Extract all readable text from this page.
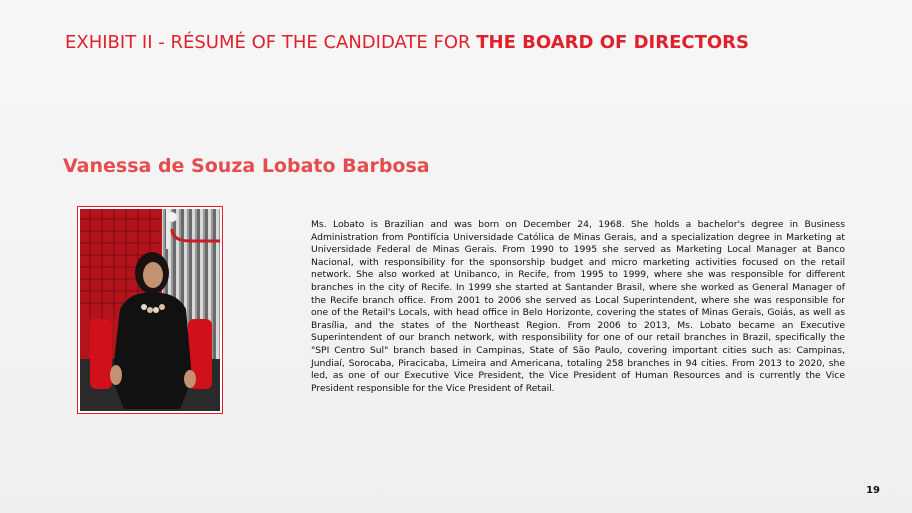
EXHIBIT II - RÉSUMÉ OF THE CANDIDATE FOR THE BOARD OF DIRECTORS
Vanessa de Souza Lobato Barbosa
Ms. Lobato is Brazilian and was born on December 24, 1968. She holds a bachelor's degree in Business Administration from Pontifícia Universidade Católica de Minas Gerais, and a specialization degree in Marketing at Universidade Federal de Minas Gerais. From 1990 to 1995 she served as Marketing Local Manager at Banco Nacional, with responsibility for the sponsorship budget and micro marketing activities focused on the retail network. She also worked at Unibanco, in Recife, from 1995 to 1999, where she was responsible for different branches in the city of Recife. In 1999 she started at Santander Brasil, where she worked as General Manager of the Recife branch office. From 2001 to 2006 she served as Local Superintendent, where she was responsible for one of the Retail's Locals, with head office in Belo Horizonte, covering the states of Minas Gerais, Goiás, as well as Brasília, and the states of the Northeast Region. From 2006 to 2013, Ms. Lobato became an Executive Superintendent of our branch network, with responsibility for one of our retail branches in Brazil, specifically the "SPI Centro Sul" branch based in Campinas, State of São Paulo, covering important cities such as: Campinas, Jundiaí, Sorocaba, Piracicaba, Limeira and Americana, totaling 258 branches in 94 cities. From 2013 to 2020, she led, as one of our Executive Vice President, the Vice President of Human Resources and is currently the Vice President responsible for the Vice President of Retail.
19
